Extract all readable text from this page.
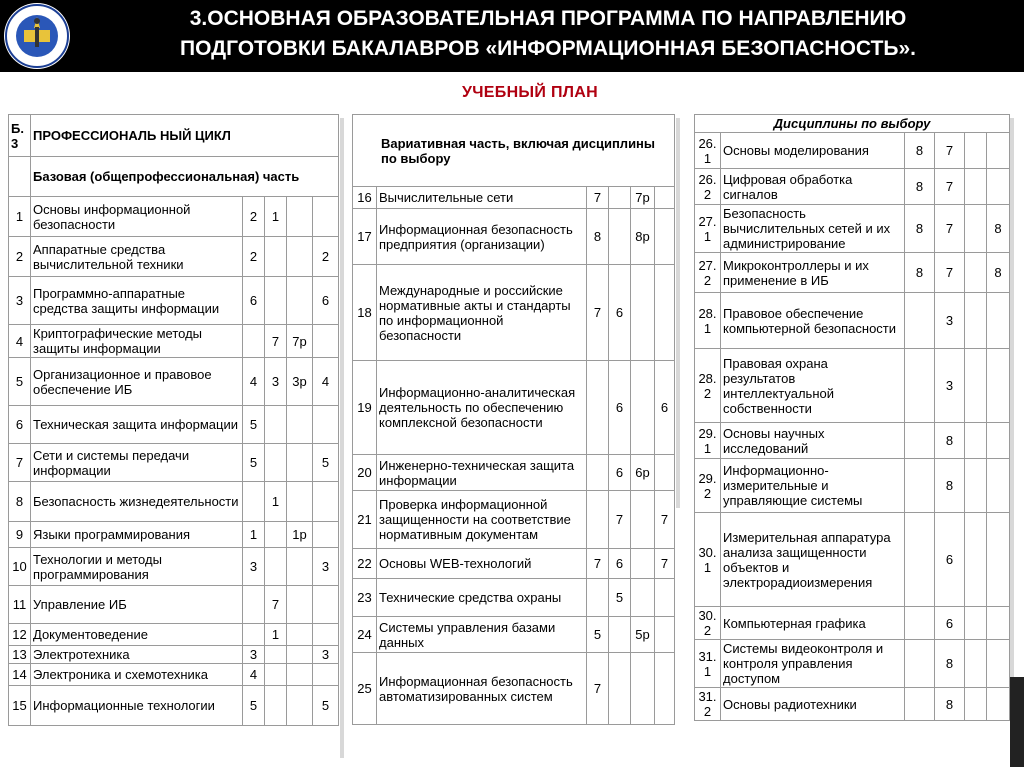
3.ОСНОВНАЯ ОБРАЗОВАТЕЛЬНАЯ ПРОГРАММА ПО НАПРАВЛЕНИЮ
ПОДГОТОВКИ БАКАЛАВРОВ «ИНФОРМАЦИОННАЯ БЕЗОПАСНОСТЬ».
УЧЕБНЫЙ ПЛАН
Б. 3	ПРОФЕССИОНАЛЬ НЫЙ ЦИКЛ				
	Базовая (общепрофессиональная) часть				
1	Основы информационной безопасности	2	1		
2	Аппаратные средства вычислительной техники	2			2
3	Программно-аппаратные средства защиты информации	6			6
4	Криптографические методы защиты информации		7	7р	
5	Организационное и правовое обеспечение ИБ	4	3	3р	4
6	Техническая защита информации	5			
7	Сети и системы передачи информации	5			5
8	Безопасность жизнедеятельности		1		
9	Языки программирования	1		1р	
10	Технологии и методы программирования	3			3
11	Управление ИБ		7		
12	Документоведение		1		
13	Электротехника	3			3
14	Электроника и схемотехника	4			
15	Информационные технологии	5			5
Вариативная часть, включая дисциплины по выбору					
16	Вычислительные сети	7		7р	
17	Информационная безопасность предприятия (организации)	8		8р	
18	Международные и российские нормативные акты и стандарты по информационной безопасности	7	6		
19	Информационно-аналитическая деятельность по обеспечению комплексной безопасности		6		6
20	Инженерно-техническая защита информации		6	6р	
21	Проверка информационной защищенности на соответствие нормативным документам		7		7
22	Основы WEB-технологий	7	6		7
23	Технические средства охраны		5		
24	Системы управления базами данных	5		5р	
25	Информационная безопасность автоматизированных систем	7			
Дисциплины по выбору					
26. 1	Основы моделирования	8	7		
26. 2	Цифровая обработка сигналов	8	7		
27. 1	Безопасность вычислительных сетей и их администрирование	8	7		8
27. 2	Микроконтроллеры и их применение в ИБ	8	7		8
28. 1	Правовое обеспечение компьютерной безопасности		3		
28. 2	Правовая охрана результатов интеллектуальной собственности		3		
29. 1	Основы научных исследований		8		
29. 2	Информационно-измерительные и управляющие системы		8		
30. 1	Измерительная аппаратура анализа защищенности объектов и электрорадиоизмерения		6		
30. 2	Компьютерная графика		6		
31. 1	Системы видеоконтроля и контроля управления доступом		8		
31. 2	Основы радиотехники		8		
